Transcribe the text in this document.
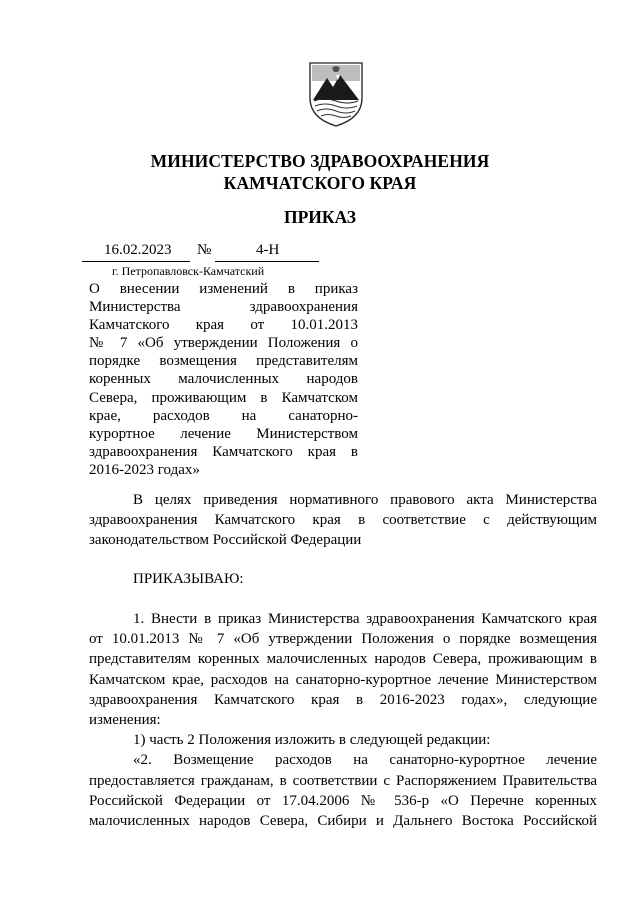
МИНИСТЕРСТВО ЗДРАВООХРАНЕНИЯ
КАМЧАТСКОГО КРАЯ
ПРИКАЗ
16.02.2023 №	4-Н
г. Петропавловск-Камчатский
О внесении изменений в приказ
Министерства здравоохранения
Камчатского края от 10.01.2013
№ 7 «Об утверждении Положения о
порядке возмещения представителям
коренных малочисленных народов
Севера, проживающим в Камчатском
крае, расходов на санаторно-
курортное лечение Министерством
здравоохранения Камчатского края в
2016-2023 годах»
В целях приведения нормативного правового акта Министерства
здравоохранения Камчатского края в соответствие с действующим
законодательством Российской Федерации
ПРИКАЗЫВАЮ:
1. Внести в приказ Министерства здравоохранения Камчатского края
от 10.01.2013 № 7 «Об утверждении Положения о порядке возмещения
представителям коренных малочисленных народов Севера, проживающим в
Камчатском крае, расходов на санаторно-курортное лечение Министерством
здравоохранения Камчатского края в 2016-2023 годах», следующие
изменения:
1) часть 2 Положения изложить в следующей редакции:
«2. Возмещение расходов на санаторно-курортное лечение
предоставляется гражданам, в соответствии с Распоряжением Правительства
Российской Федерации от 17.04.2006 № 536-р «О Перечне коренных
малочисленных народов Севера, Сибири и Дальнего Востока Российской
